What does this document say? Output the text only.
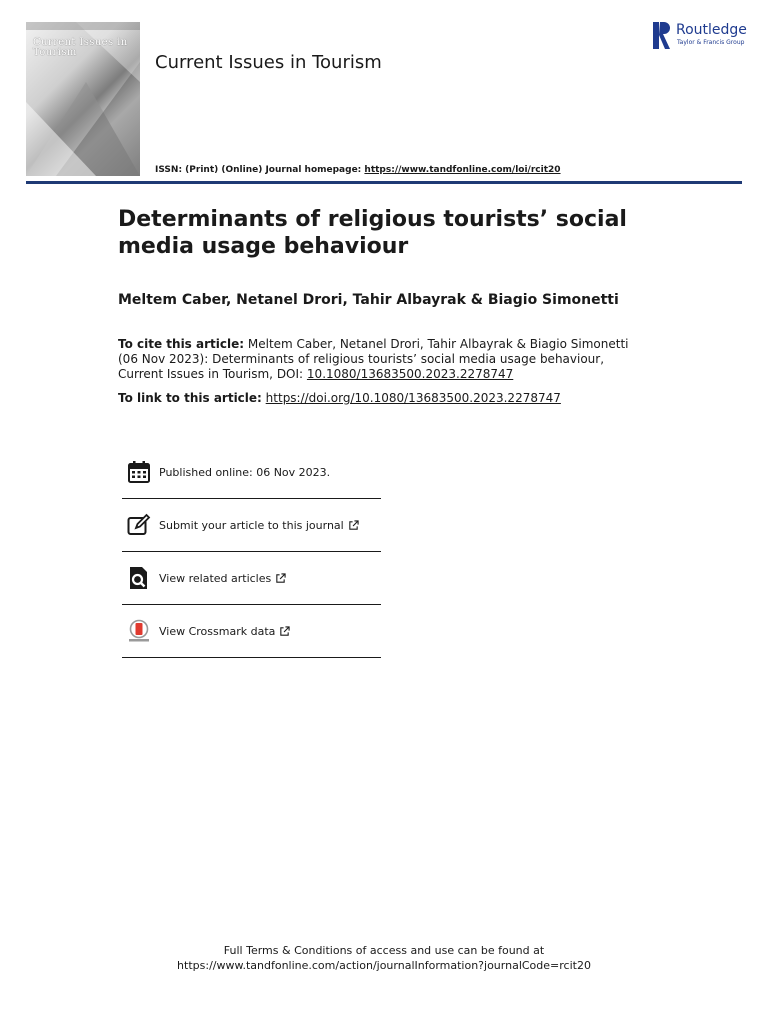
Current Issues in Tourism	Current Issues in Tourism
Routledge
Taylor & Francis Group
ISSN: (Print) (Online) Journal homepage: https://www.tandfonline.com/loi/rcit20
Determinants of religious tourists’ social media usage behaviour
Meltem Caber, Netanel Drori, Tahir Albayrak & Biagio Simonetti
To cite this article: Meltem Caber, Netanel Drori, Tahir Albayrak & Biagio Simonetti (06 Nov 2023): Determinants of religious tourists’ social media usage behaviour, Current Issues in Tourism, DOI: 10.1080/13683500.2023.2278747
To link to this article: https://doi.org/10.1080/13683500.2023.2278747
Published online: 06 Nov 2023.
Submit your article to this journal
View related articles
View Crossmark data
Full Terms & Conditions of access and use can be found at
https://www.tandfonline.com/action/journalInformation?journalCode=rcit20
